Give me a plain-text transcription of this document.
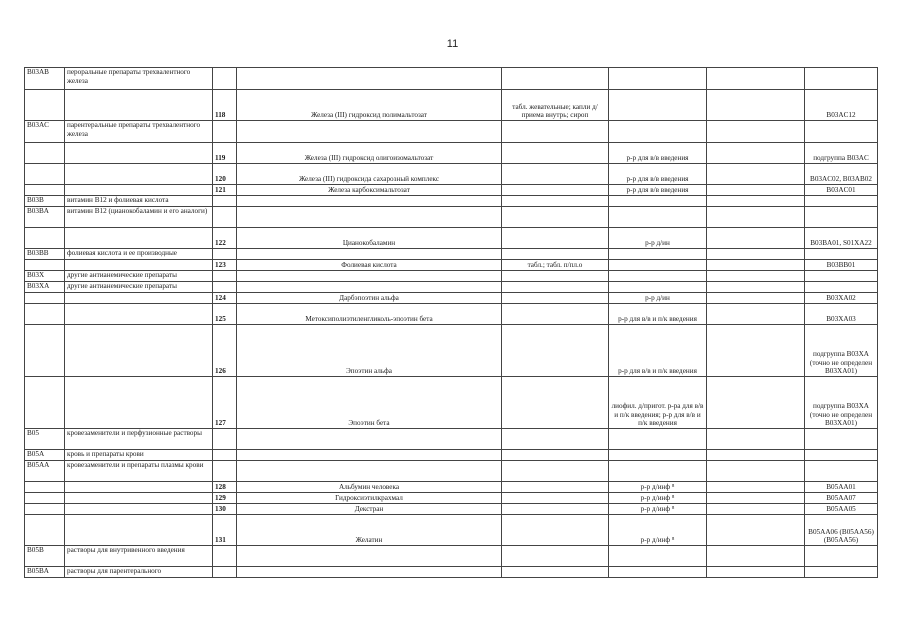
11
B03AB	пероральные препараты трехвалентного железа						
		118	Железа (III) гидроксид полимальтозат	табл. жевательные; капли д/приема внутрь; сироп			B03AC12
B03AC	парентеральные препараты трехвалентного железа						
		119	Железа (III) гидроксид олигоизомальтозат		р-р для в/в введения		подгруппа B03AC
		120	Железа (III) гидроксида сахарозный комплекс		р-р для в/в введения		B03AC02, B03AB02
		121	Железа карбоксимальтозат		р-р для в/в введения		B03AC01
B03B	витамин B12 и фолиевая кислота						
B03BA	витамин B12 (цианокобаламин и его аналоги)						
		122	Цианокобаламин		р-р д/ин		B03BA01, S01XA22
B03BB	фолиевая кислота и ее производные						
		123	Фолиевая кислота	табл.; табл. п/пл.о			B03BB01
B03X	другие антианемические препараты						
B03XA	другие антианемические препараты						
		124	Дарбэпоэтин альфа		р-р д/ин		B03XA02
		125	Метоксиполиэтиленгликоль-эпоэтин бета		р-р для в/в и п/к введения		B03XA03
		126	Эпоэтин альфа		р-р для в/в и п/к введения		подгруппа B03XA (точно не определен B03XA01)
		127	Эпоэтин бета		лиофил. д/пригот. р-ра для в/в и п/к введения; р-р для в/в и п/к введения		подгруппа B03XA (точно не определен B03XA01)
B05	кровезаменители и перфузионные растворы						
B05A	кровь и препараты крови						
B05AA	кровезаменители и препараты плазмы крови						
		128	Альбумин человека		р-р д/инф ⁸		B05AA01
		129	Гидроксиэтилкрахмал		р-р д/инф ⁸		B05AA07
		130	Декстран		р-р д/инф ⁸		B05AA05
		131	Желатин		р-р д/инф ⁸		B05AA06 (B05AA56) (B05AA56)
B05B	растворы для внутривенного введения						
B05BA	растворы для парентерального						
